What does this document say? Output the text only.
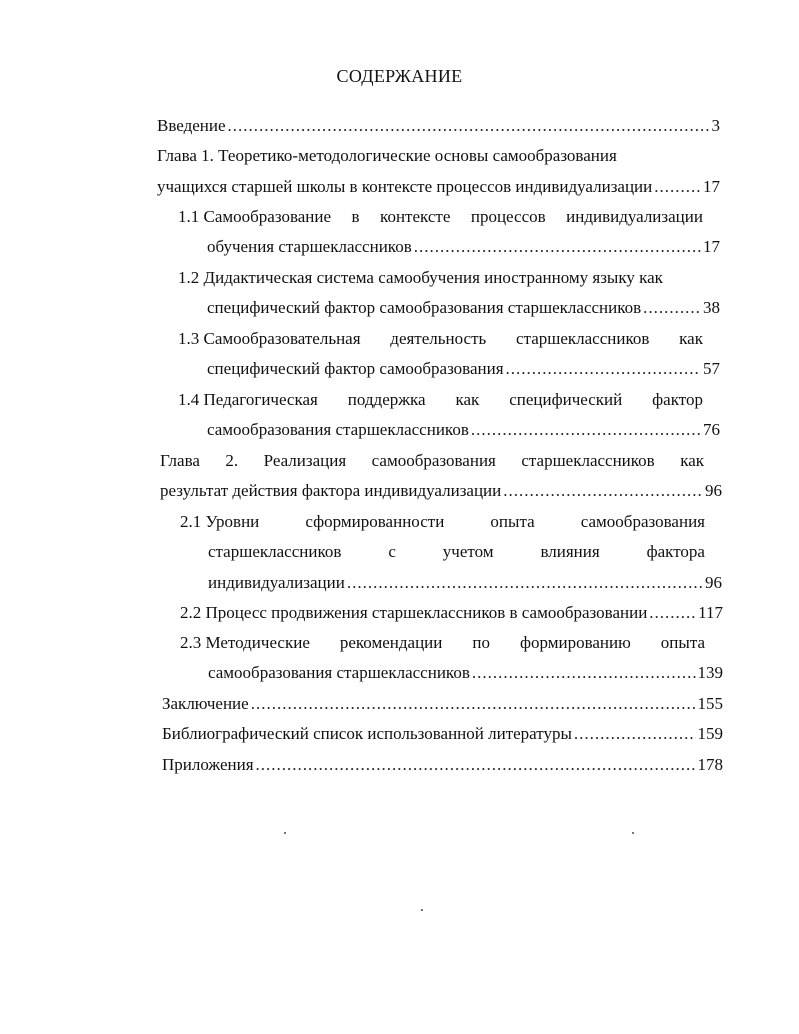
СОДЕРЖАНИЕ
Введение .....	3
Глава 1. Теоретико-методологические основы самообразования
учащихся старшей школы в контексте процессов индивидуализации .....	17
1.1 Самообразование в контексте процессов индивидуализации
обучения старшеклассников .....	17
1.2 Дидактическая система самообучения иностранному языку как
специфический фактор самообразования старшеклассников .....	38
1.3 Самообразовательная деятельность старшеклассников как
специфический фактор самообразования .....	57
1.4 Педагогическая поддержка как специфический фактор
самообразования старшеклассников .....	76
Глава 2. Реализация самообразования старшеклассников как
результат действия фактора индивидуализации .....	96
2.1 Уровни	сформированности	опыта	самообразования
старшеклассников	с	учетом	влияния	фактора
индивидуализации .....	96
2.2 Процесс продвижения старшеклассников в самообразовании .....	117
2.3 Методические рекомендации по формированию опыта
самообразования старшеклассников .....	139
Заключение .....	155
Библиографический список использованной литературы .....	159
Приложения .....	178
